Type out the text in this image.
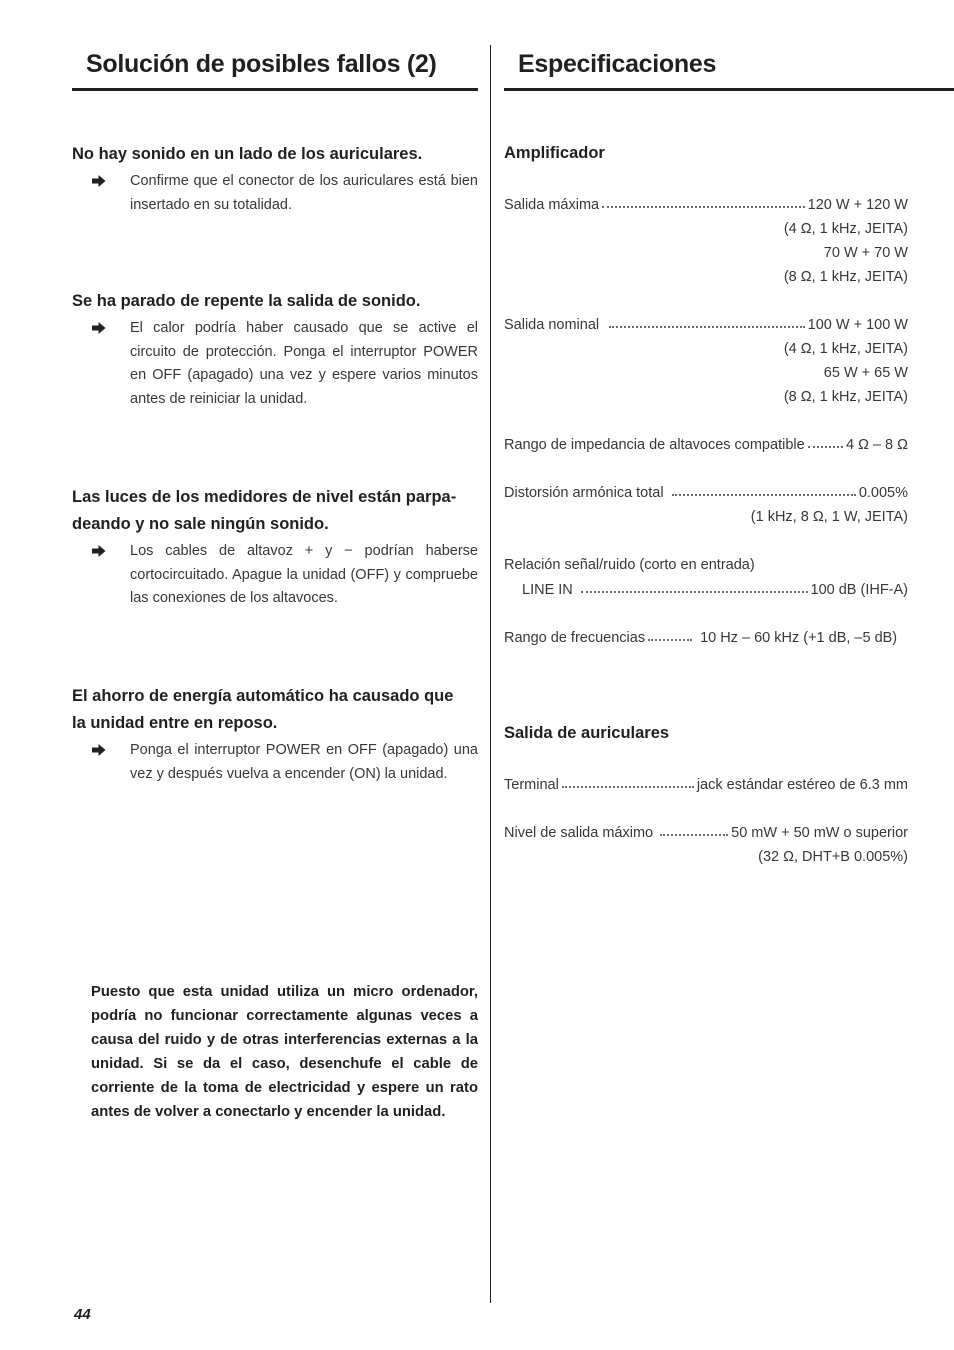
Solución de posibles fallos (2)

No hay sonido en un lado de los auriculares.

Confirme que el conector de los auriculares está bien insertado en su totalidad.

Se ha parado de repente la salida de sonido.

El calor podría haber causado que se active el circuito de protección. Ponga el interruptor POWER en OFF (apagado) una vez y espere varios minutos antes de reiniciar la unidad.

Las luces de los medidores de nivel están parpa-
deando y no sale ningún sonido.

Los cables de altavoz + y − podrían haberse cortocircuitado. Apague la unidad (OFF) y compruebe las conexiones de los altavoces.

El ahorro de energía automático ha causado que
la unidad entre en reposo.

Ponga el interruptor POWER en OFF (apagado) una vez y después vuelva a encender (ON) la unidad.
Puesto que esta unidad utiliza un micro ordenador, podría no funcionar correctamente algunas veces a causa del ruido y de otras interferencias externas a la unidad. Si se da el caso, desenchufe el cable de corriente de la toma de electricidad y espere un rato antes de volver a conectarlo y encender la unidad.
Especificaciones
Amplificador
Salida máxima	120 W + 120 W
(4 Ω, 1 kHz, JEITA)
70 W + 70 W
(8 Ω, 1 kHz, JEITA)
Salida nominal	100 W + 100 W
(4 Ω, 1 kHz, JEITA)
65 W + 65 W
(8 Ω, 1 kHz, JEITA)
Rango de impedancia de altavoces compatible	4 Ω – 8 Ω
Distorsión armónica total	0.005%
(1 kHz, 8 Ω, 1 W, JEITA)
Relación señal/ruido (corto en entrada)
LINE IN	100 dB (IHF-A)
Rango de frecuencias	10 Hz – 60 kHz (+1 dB, –5 dB)
Salida de auriculares
Terminal	jack estándar estéreo de 6.3 mm
Nivel de salida máximo	50 mW + 50 mW o superior
(32 Ω, DHT+B 0.005%)
44
